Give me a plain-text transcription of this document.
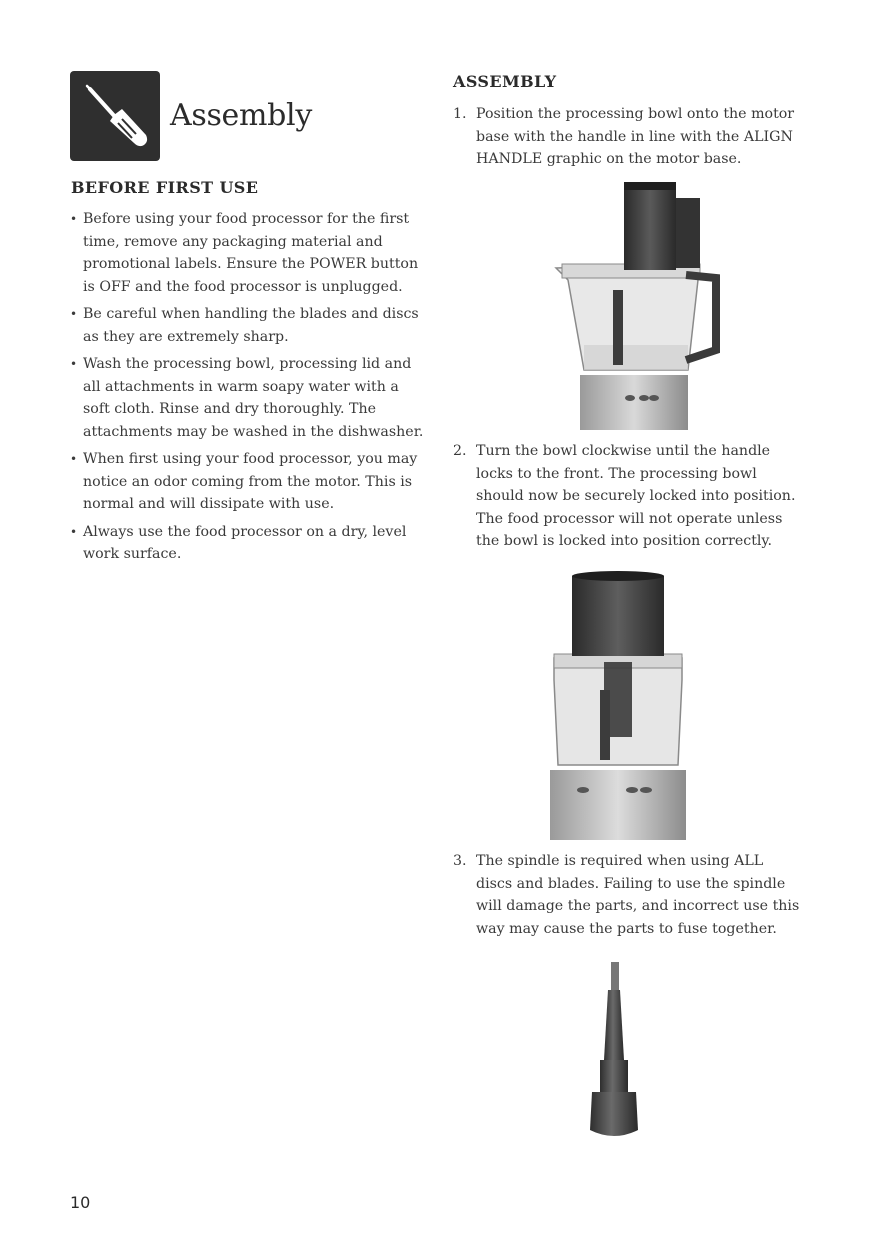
Assembly
BEFORE FIRST USE
• Before using your food processor for the first time, remove any packaging material and promotional labels. Ensure the POWER button is OFF and the food processor is unplugged.
• Be careful when handling the blades and discs as they are extremely sharp.
• Wash the processing bowl, processing lid and all attachments in warm soapy water with a soft cloth. Rinse and dry thoroughly. The attachments may be washed in the dishwasher.
• When first using your food processor, you may notice an odor coming from the motor. This is normal and will dissipate with use.
• Always use the food processor on a dry, level work surface.
ASSEMBLY
1. Position the processing bowl onto the motor base with the handle in line with the ALIGN HANDLE graphic on the motor base.
2. Turn the bowl clockwise until the handle locks to the front. The processing bowl should now be securely locked into position. The food processor will not operate unless the bowl is locked into position correctly.
3. The spindle is required when using ALL discs and blades. Failing to use the spindle will damage the parts, and incorrect use this way may cause the parts to fuse together.
10
